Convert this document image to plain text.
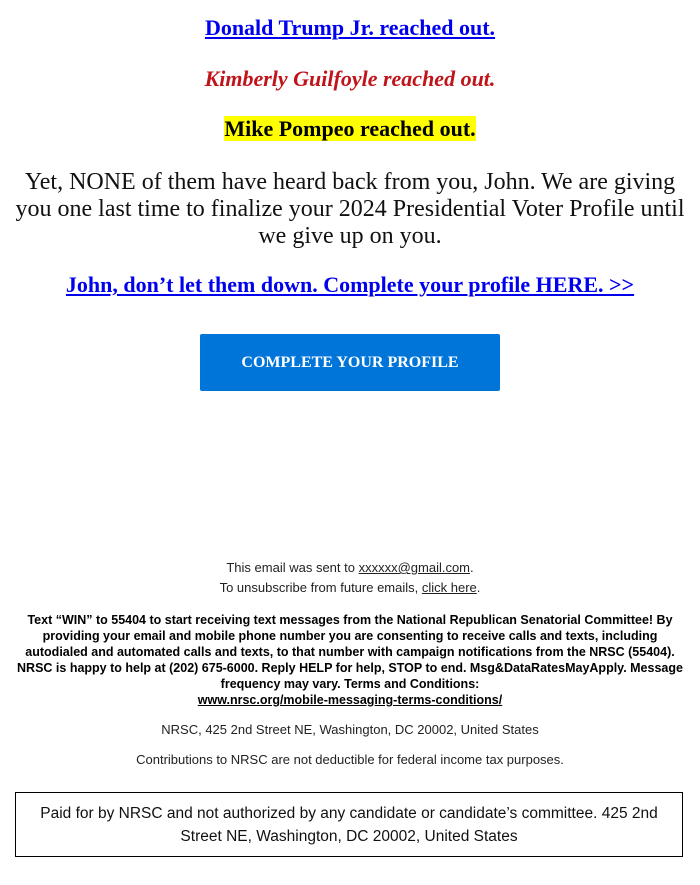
Donald Trump Jr. reached out.
Kimberly Guilfoyle reached out.
Mike Pompeo reached out.
Yet, NONE of them have heard back from you, John. We are giving you one last time to finalize your 2024 Presidential Voter Profile until we give up on you.
John, don’t let them down. Complete your profile HERE. >>
COMPLETE YOUR PROFILE
This email was sent to xxxxxx@gmail.com.
To unsubscribe from future emails, click here.
Text “WIN” to 55404 to start receiving text messages from the National Republican Senatorial Committee! By providing your email and mobile phone number you are consenting to receive calls and texts, including autodialed and automated calls and texts, to that number with campaign notifications from the NRSC (55404). NRSC is happy to help at (202) 675-6000. Reply HELP for help, STOP to end. Msg&DataRatesMayApply. Message frequency may vary. Terms and Conditions:
www.nrsc.org/mobile-messaging-terms-conditions/
NRSC, 425 2nd Street NE, Washington, DC 20002, United States
Contributions to NRSC are not deductible for federal income tax purposes.
Paid for by NRSC and not authorized by any candidate or candidate’s committee. 425 2nd Street NE, Washington, DC 20002, United States
